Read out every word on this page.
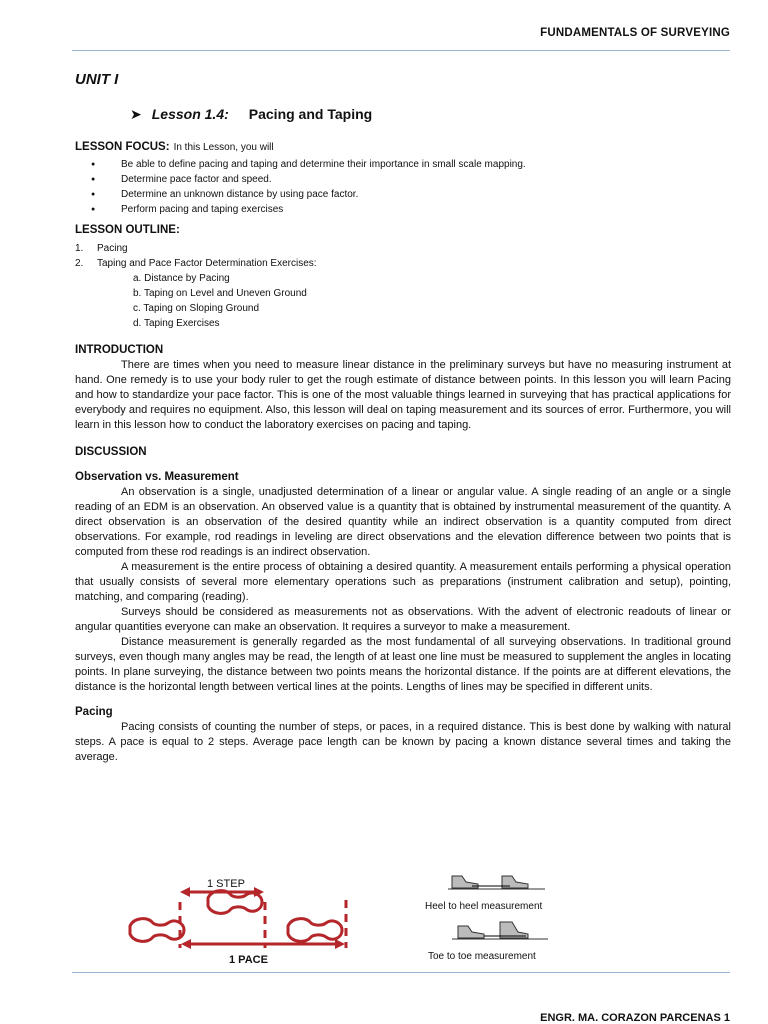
FUNDAMENTALS OF SURVEYING
UNIT I
➤ Lesson 1.4: Pacing and Taping
LESSON FOCUS: In this Lesson, you will
● Be able to define pacing and taping and determine their importance in small scale mapping.
● Determine pace factor and speed.
● Determine an unknown distance by using pace factor.
● Perform pacing and taping exercises
LESSON OUTLINE:
1. Pacing
2. Taping and Pace Factor Determination Exercises:
a. Distance by Pacing
b. Taping on Level and Uneven Ground
c. Taping on Sloping Ground
d. Taping Exercises
INTRODUCTION

There are times when you need to measure linear distance in the preliminary surveys but have no measuring instrument at hand. One remedy is to use your body ruler to get the rough estimate of distance between points. In this lesson you will learn Pacing and how to standardize your pace factor. This is one of the most valuable things learned in surveying that has practical applications for everybody and requires no equipment. Also, this lesson will deal on taping measurement and its sources of error. Furthermore, you will learn in this lesson how to conduct the laboratory exercises on pacing and taping.

DISCUSSION
Observation vs. Measurement

An observation is a single, unadjusted determination of a linear or angular value. A single reading of an angle or a single reading of an EDM is an observation. An observed value is a quantity that is obtained by instrumental measurement of the quantity. A direct observation is an observation of the desired quantity while an indirect observation is a quantity computed from direct observations. For example, rod readings in leveling are direct observations and the elevation difference between two points that is computed from these rod readings is an indirect observation.

A measurement is the entire process of obtaining a desired quantity. A measurement entails performing a physical operation that usually consists of several more elementary operations such as preparations (instrument calibration and setup), pointing, matching, and comparing (reading).

Surveys should be considered as measurements not as observations. With the advent of electronic readouts of linear or angular quantities everyone can make an observation. It requires a surveyor to make a measurement.

Distance measurement is generally regarded as the most fundamental of all surveying observations. In traditional ground surveys, even though many angles may be read, the length of at least one line must be measured to supplement the angles in locating points. In plane surveying, the distance between two points means the horizontal distance. If the points are at different elevations, the distance is the horizontal length between vertical lines at the points. Lengths of lines may be specified in different units.

Pacing

Pacing consists of counting the number of steps, or paces, in a required distance. This is best done by walking with natural steps. A pace is equal to 2 steps. Average pace length can be known by pacing a known distance several times and taking the average.

1 STEP
1 PACE
Heel to heel measurement
Toe to toe measurement
ENGR. MA. CORAZON PARCENAS 1
